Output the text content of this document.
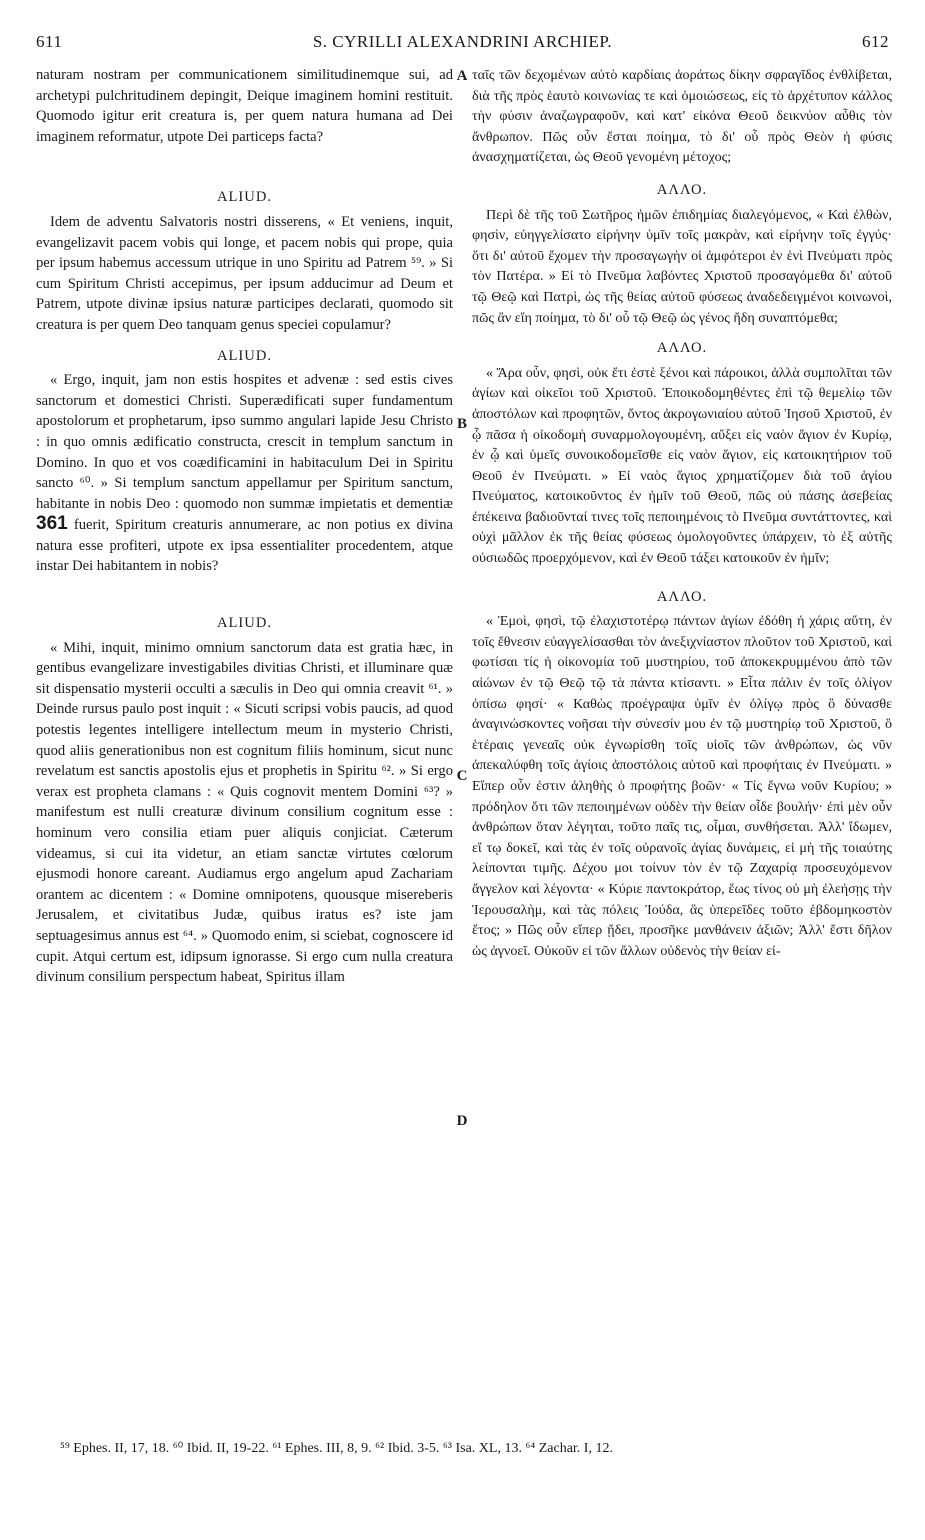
611	S. CYRILLI ALEXANDRINI ARCHIEP.	612

naturam nostram per communicationem similitudinemque sui, ad archetypi pulchritudinem depingit, Deique imaginem homini restituit. Quomodo igitur erit creatura is, per quem natura humana ad Dei imaginem reformatur, utpote Dei particeps facta?

ALIUD.

Idem de adventu Salvatoris nostri disserens, « Et veniens, inquit, evangelizavit pacem vobis qui longe, et pacem nobis qui prope, quia per ipsum habemus accessum utrique in uno Spiritu ad Patrem ⁵⁹. » Si cum Spiritum Christi accepimus, per ipsum adducimur ad Deum et Patrem, utpote divinæ ipsius naturæ participes declarati, quomodo sit creatura is per quem Deo tanquam genus speciei copulamur?

ALIUD.

« Ergo, inquit, jam non estis hospites et advenæ : sed estis cives sanctorum et domestici Christi. Superædificati super fundamentum apostolorum et prophetarum, ipso summo angulari lapide Jesu Christo : in quo omnis ædificatio constructa, crescit in templum sanctum in Domino. In quo et vos coædificamini in habitaculum Dei in Spiritu sancto ⁶⁰. » Si templum sanctum appellamur per Spiritum sanctum, habitante in nobis Deo : quomodo non summæ impietatis et dementiæ 361 fuerit, Spiritum creaturis annumerare, ac non potius ex divina natura esse profiteri, utpote ex ipsa essentialiter procedentem, atque instar Dei habitantem in nobis?

ALIUD.

« Mihi, inquit, minimo omnium sanctorum data est gratia hæc, in gentibus evangelizare investigabiles divitias Christi, et illuminare quæ sit dispensatio mysterii occulti a sæculis in Deo qui omnia creavit ⁶¹. » Deinde rursus paulo post inquit : « Sicuti scripsi vobis paucis, ad quod potestis legentes intelligere intellectum meum in mysterio Christi, quod aliis generationibus non est cognitum filiis hominum, sicut nunc revelatum est sanctis apostolis ejus et prophetis in Spiritu ⁶². » Si ergo verax est propheta clamans : « Quis cognovit mentem Domini ⁶³? » manifestum est nulli creaturæ divinum consilium cognitum esse : hominum vero consilia etiam puer aliquis conjiciat. Cæterum videamus, si cui ita videtur, an etiam sanctæ virtutes cœlorum ejusmodi honore careant. Audiamus ergo angelum apud Zachariam orantem ac dicentem : « Domine omnipotens, quousque misereberis Jerusalem, et civitatibus Judæ, quibus iratus es? iste jam septuagesimus annus est ⁶⁴. » Quomodo enim, si sciebat, cognoscere id cupit. Atqui certum est, idipsum ignorasse. Si ergo cum nulla creatura divinum consilium perspectum habeat, Spiritus illam

A
B
C
D

ταῖς τῶν δεχομένων αὐτὸ καρδίαις ἀοράτως δίκην σφραγῖδος ἐνθλίβεται, διὰ τῆς πρὸς ἑαυτὸ κοινωνίας τε καὶ ὁμοιώσεως, εἰς τὸ ἀρχέτυπον κάλλος τὴν φύσιν ἀναζωγραφοῦν, καὶ κατ' εἰκόνα Θεοῦ δεικνύον αὖθις τὸν ἄνθρωπον. Πῶς οὖν ἔσται ποίημα, τὸ δι' οὗ πρὸς Θεὸν ἡ φύσις ἀνασχηματίζεται, ὡς Θεοῦ γενομένη μέτοχος;

ΑΛΛΟ.

Περὶ δὲ τῆς τοῦ Σωτῆρος ἡμῶν ἐπιδημίας διαλεγόμενος, « Καὶ ἐλθὼν, φησὶν, εὐηγγελίσατο εἰρήνην ὑμῖν τοῖς μακρὰν, καὶ εἰρήνην τοῖς ἐγγύς· ὅτι δι' αὐτοῦ ἔχομεν τὴν προσαγωγὴν οἱ ἀμφότεροι ἐν ἑνὶ Πνεύματι πρὸς τὸν Πατέρα. » Εἰ τὸ Πνεῦμα λαβόντες Χριστοῦ προσαγόμεθα δι' αὐτοῦ τῷ Θεῷ καὶ Πατρὶ, ὡς τῆς θείας αὐτοῦ φύσεως ἀναδεδειγμένοι κοινωνοὶ, πῶς ἂν εἴη ποίημα, τὸ δι' οὗ τῷ Θεῷ ὡς γένος ἤδη συναπτόμεθα;

ΑΛΛΟ.

« Ἄρα οὖν, φησὶ, οὐκ ἔτι ἐστὲ ξένοι καὶ πάροικοι, ἀλλὰ συμπολῖται τῶν ἁγίων καὶ οἰκεῖοι τοῦ Χριστοῦ. Ἐποικοδομηθέντες ἐπὶ τῷ θεμελίῳ τῶν ἀποστόλων καὶ προφητῶν, ὄντος ἀκρογωνιαίου αὐτοῦ Ἰησοῦ Χριστοῦ, ἐν ᾧ πᾶσα ἡ οἰκοδομὴ συναρμολογουμένη, αὔξει εἰς ναὸν ἅγιον ἐν Κυρίῳ, ἐν ᾧ καὶ ὑμεῖς συνοικοδομεῖσθε εἰς ναὸν ἅγιον, εἰς κατοικητήριον τοῦ Θεοῦ ἐν Πνεύματι. » Εἰ ναὸς ἅγιος χρηματίζομεν διὰ τοῦ ἁγίου Πνεύματος, κατοικοῦντος ἐν ἡμῖν τοῦ Θεοῦ, πῶς οὐ πάσης ἀσεβείας ἐπέκεινα βαδιοῦνταί τινες τοῖς πεποιημένοις τὸ Πνεῦμα συντάττοντες, καὶ οὐχὶ μᾶλλον ἐκ τῆς θείας φύσεως ὁμολογοῦντες ὑπάρχειν, τὸ ἐξ αὐτῆς οὐσιωδῶς προερχόμενον, καὶ ἐν Θεοῦ τάξει κατοικοῦν ἐν ἡμῖν;

ΑΛΛΟ.

« Ἐμοὶ, φησὶ, τῷ ἐλαχιστοτέρῳ πάντων ἁγίων ἐδόθη ἡ χάρις αὕτη, ἐν τοῖς ἔθνεσιν εὐαγγελίσασθαι τὸν ἀνεξιχνίαστον πλοῦτον τοῦ Χριστοῦ, καὶ φωτίσαι τίς ἡ οἰκονομία τοῦ μυστηρίου, τοῦ ἀποκεκρυμμένου ἀπὸ τῶν αἰώνων ἐν τῷ Θεῷ τῷ τὰ πάντα κτίσαντι. » Εἶτα πάλιν ἐν τοῖς ὀλίγον ὀπίσω φησί· « Καθὼς προέγραψα ὑμῖν ἐν ὀλίγῳ πρὸς ὃ δύνασθε ἀναγινώσκοντες νοῆσαι τὴν σύνεσίν μου ἐν τῷ μυστηρίῳ τοῦ Χριστοῦ, ὃ ἑτέραις γενεαῖς οὐκ ἐγνωρίσθη τοῖς υἱοῖς τῶν ἀνθρώπων, ὡς νῦν ἀπεκαλύφθη τοῖς ἁγίοις ἀποστόλοις αὐτοῦ καὶ προφήταις ἐν Πνεύματι. » Εἴπερ οὖν ἐστιν ἀληθὴς ὁ προφήτης βοῶν· « Τίς ἔγνω νοῦν Κυρίου; » πρόδηλον ὅτι τῶν πεποιημένων οὐδὲν τὴν θείαν οἶδε βουλήν· ἐπὶ μὲν οὖν ἀνθρώπων ὅταν λέγηται, τοῦτο παῖς τις, οἶμαι, συνθήσεται. Ἀλλ' ἴδωμεν, εἴ τῳ δοκεῖ, καὶ τὰς ἐν τοῖς οὐρανοῖς ἁγίας δυνάμεις, εἰ μὴ τῆς τοιαύτης λείπονται τιμῆς. Δέχου μοι τοίνυν τὸν ἐν τῷ Ζαχαρίᾳ προσευχόμενον ἄγγελον καὶ λέγοντα· « Κύριε παντοκράτορ, ἕως τίνος οὐ μὴ ἐλεήσῃς τὴν Ἱερουσαλὴμ, καὶ τὰς πόλεις Ἰούδα, ἃς ὑπερεῖδες τοῦτο ἑβδομηκοστὸν ἔτος; » Πῶς οὖν εἴπερ ᾔδει, προσῆκε μανθάνειν ἀξιῶν; Ἀλλ' ἔστι δῆλον ὡς ἀγνοεῖ. Οὐκοῦν εἰ τῶν ἄλλων οὐδενὸς τὴν θείαν εἰ-

⁵⁹ Ephes. II, 17, 18. ⁶⁰ Ibid. II, 19-22. ⁶¹ Ephes. III, 8, 9. ⁶² Ibid. 3-5. ⁶³ Isa. XL, 13. ⁶⁴ Zachar. I, 12.
